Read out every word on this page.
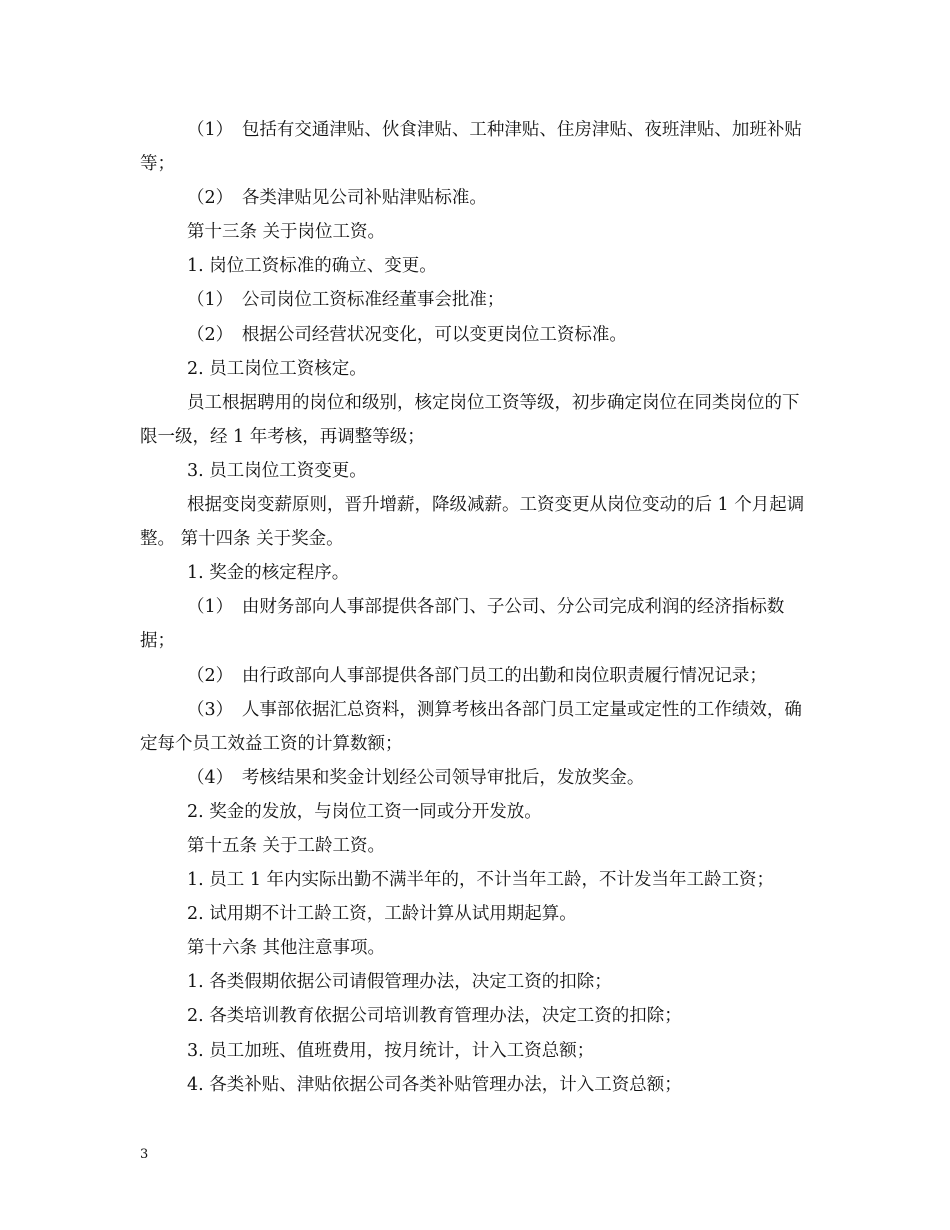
（1）　包括有交通津贴、伙食津贴、工种津贴、住房津贴、夜班津贴、加班补贴等；

（2）　各类津贴见公司补贴津贴标准。

第十三条 关于岗位工资。

1. 岗位工资标准的确立、变更。

（1）　公司岗位工资标准经董事会批准；

（2）　根据公司经营状况变化，可以变更岗位工资标准。

2. 员工岗位工资核定。

员工根据聘用的岗位和级别，核定岗位工资等级，初步确定岗位在同类岗位的下限一级，经 1 年考核，再调整等级；

3. 员工岗位工资变更。

根据变岗变薪原则，晋升增薪，降级减薪。工资变更从岗位变动的后 1 个月起调整。 第十四条 关于奖金。

1. 奖金的核定程序。

（1）　由财务部向人事部提供各部门、子公司、分公司完成利润的经济指标数据；

（2）　由行政部向人事部提供各部门员工的出勤和岗位职责履行情况记录；

（3）　人事部依据汇总资料，测算考核出各部门员工定量或定性的工作绩效，确定每个员工效益工资的计算数额；

（4）　考核结果和奖金计划经公司领导审批后，发放奖金。

2. 奖金的发放，与岗位工资一同或分开发放。

第十五条 关于工龄工资。

1. 员工 1 年内实际出勤不满半年的，不计当年工龄，不计发当年工龄工资；

2. 试用期不计工龄工资，工龄计算从试用期起算。

第十六条 其他注意事项。

1. 各类假期依据公司请假管理办法，决定工资的扣除；

2. 各类培训教育依据公司培训教育管理办法，决定工资的扣除；

3. 员工加班、值班费用，按月统计，计入工资总额；

4. 各类补贴、津贴依据公司各类补贴管理办法，计入工资总额；

3
